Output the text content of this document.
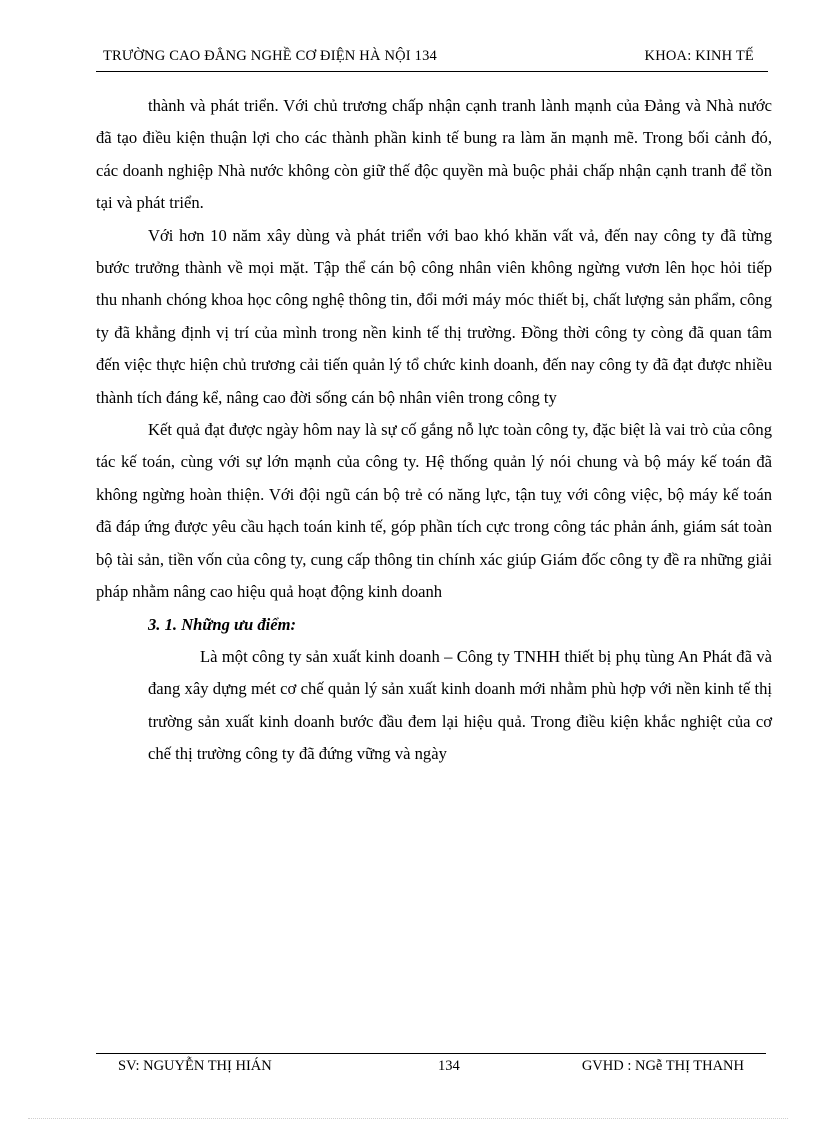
TRƯỜNG CAO ĐẲNG NGHỀ CƠ ĐIỆN HÀ NỘI 134	KHOA: KINH TẾ

thành và phát triển. Với chủ trương chấp nhận cạnh tranh lành mạnh của Đảng và Nhà nước đã tạo điều kiện thuận lợi cho các thành phần kinh tế bung ra làm ăn mạnh mẽ. Trong bối cảnh đó, các doanh nghiệp Nhà nước không còn giữ thế độc quyền mà buộc phải chấp nhận cạnh tranh để tồn tại và phát triển.

Với hơn 10 năm xây dùng và phát triển với bao khó khăn vất vả, đến nay công ty đã từng bước trưởng thành về mọi mặt. Tập thể cán bộ công nhân viên không ngừng vươn lên học hỏi tiếp thu nhanh chóng khoa học công nghệ thông tin, đổi mới máy móc thiết bị, chất lượng sản phẩm, công ty đã khẳng định vị trí của mình trong nền kinh tế thị trường. Đồng thời công ty còng đã quan tâm đến việc thực hiện chủ trương cải tiến quản lý tổ chức kinh doanh, đến nay công ty đã đạt được nhiều thành tích đáng kể, nâng cao đời sống cán bộ nhân viên trong công ty

Kết quả đạt được ngày hôm nay là sự cố gắng nỗ lực toàn công ty, đặc biệt là vai trò của công tác kế toán, cùng với sự lớn mạnh của công ty. Hệ thống quản lý nói chung và bộ máy kế toán đã không ngừng hoàn thiện. Với đội ngũ cán bộ trẻ có năng lực, tận tuỵ với công việc, bộ máy kế toán đã đáp ứng được yêu cầu hạch toán kinh tế, góp phần tích cực trong công tác phản ánh, giám sát toàn bộ tài sản, tiền vốn của công ty, cung cấp thông tin chính xác giúp Giám đốc công ty đề ra những giải pháp nhằm nâng cao hiệu quả hoạt động kinh doanh

3. 1. Những ưu điểm:

Là một công ty sản xuất kinh doanh – Công ty TNHH thiết bị phụ tùng An Phát đã và đang xây dựng mét cơ chế quản lý sản xuất kinh doanh mới nhằm phù hợp với nền kinh tế thị trường sản xuất kinh doanh bước đầu đem lại hiệu quả. Trong điều kiện khắc nghiệt của cơ chế thị trường công ty đã đứng vững và ngày

SV: NGUYỄN THỊ HIÁN	134	GVHD : NGễ THỊ THANH
